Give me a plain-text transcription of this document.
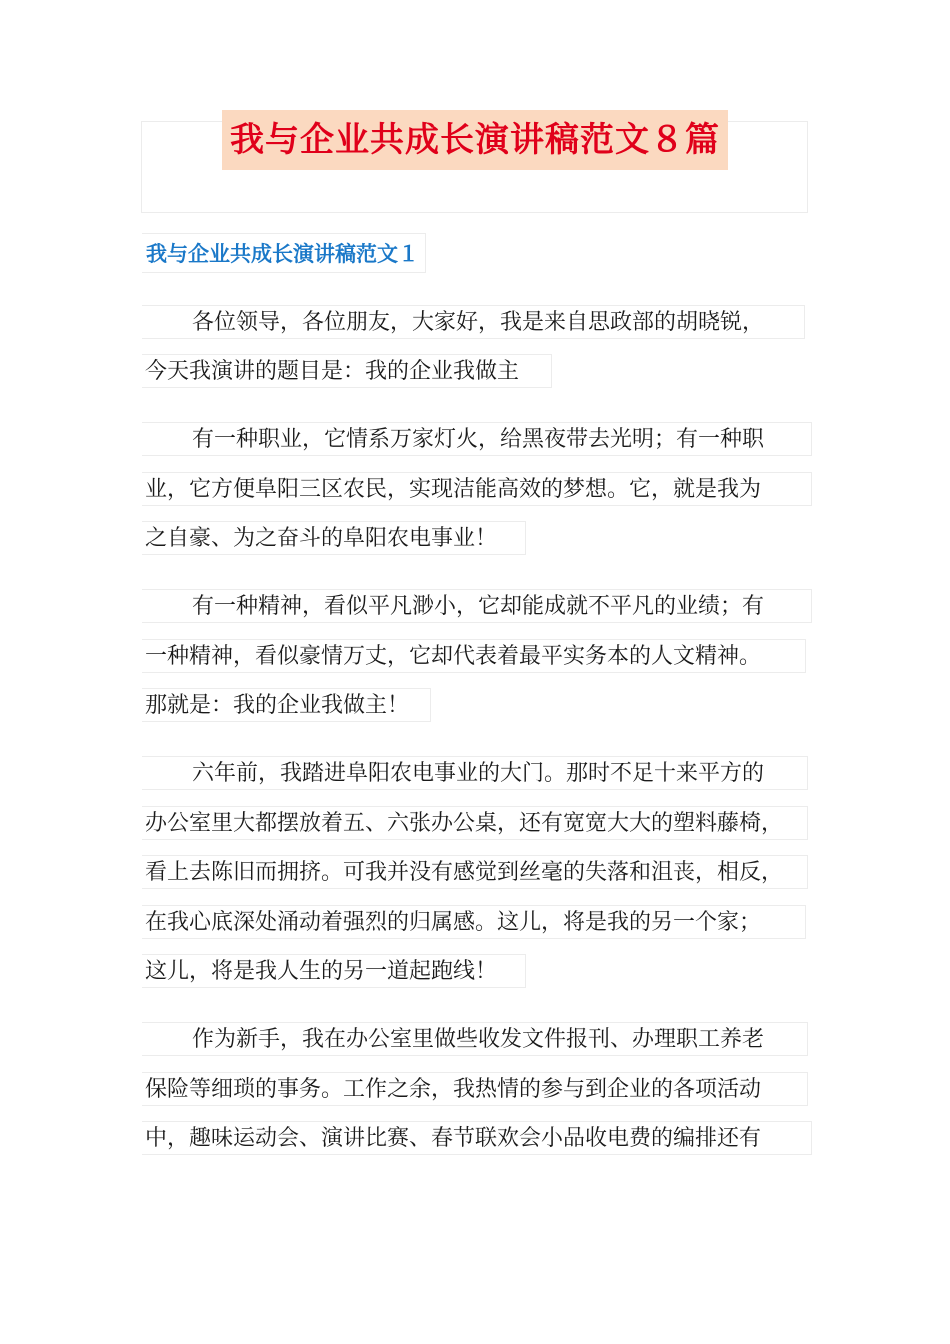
我与企业共成长演讲稿范文８篇
我与企业共成长演讲稿范文１
各位领导，各位朋友，大家好，我是来自思政部的胡晓锐，
今天我演讲的题目是：我的企业我做主
有一种职业，它情系万家灯火，给黑夜带去光明；有一种职
业，它方便阜阳三区农民，实现洁能高效的梦想。它，就是我为
之自豪、为之奋斗的阜阳农电事业！
有一种精神，看似平凡渺小，它却能成就不平凡的业绩；有
一种精神，看似豪情万丈，它却代表着最平实务本的人文精神。
那就是：我的企业我做主！
六年前，我踏进阜阳农电事业的大门。那时不足十来平方的
办公室里大都摆放着五、六张办公桌，还有宽宽大大的塑料藤椅，
看上去陈旧而拥挤。可我并没有感觉到丝毫的失落和沮丧，相反，
在我心底深处涌动着强烈的归属感。这儿，将是我的另一个家；
这儿，将是我人生的另一道起跑线！
作为新手，我在办公室里做些收发文件报刊、办理职工养老
保险等细琐的事务。工作之余，我热情的参与到企业的各项活动
中，趣味运动会、演讲比赛、春节联欢会小品收电费的编排还有
